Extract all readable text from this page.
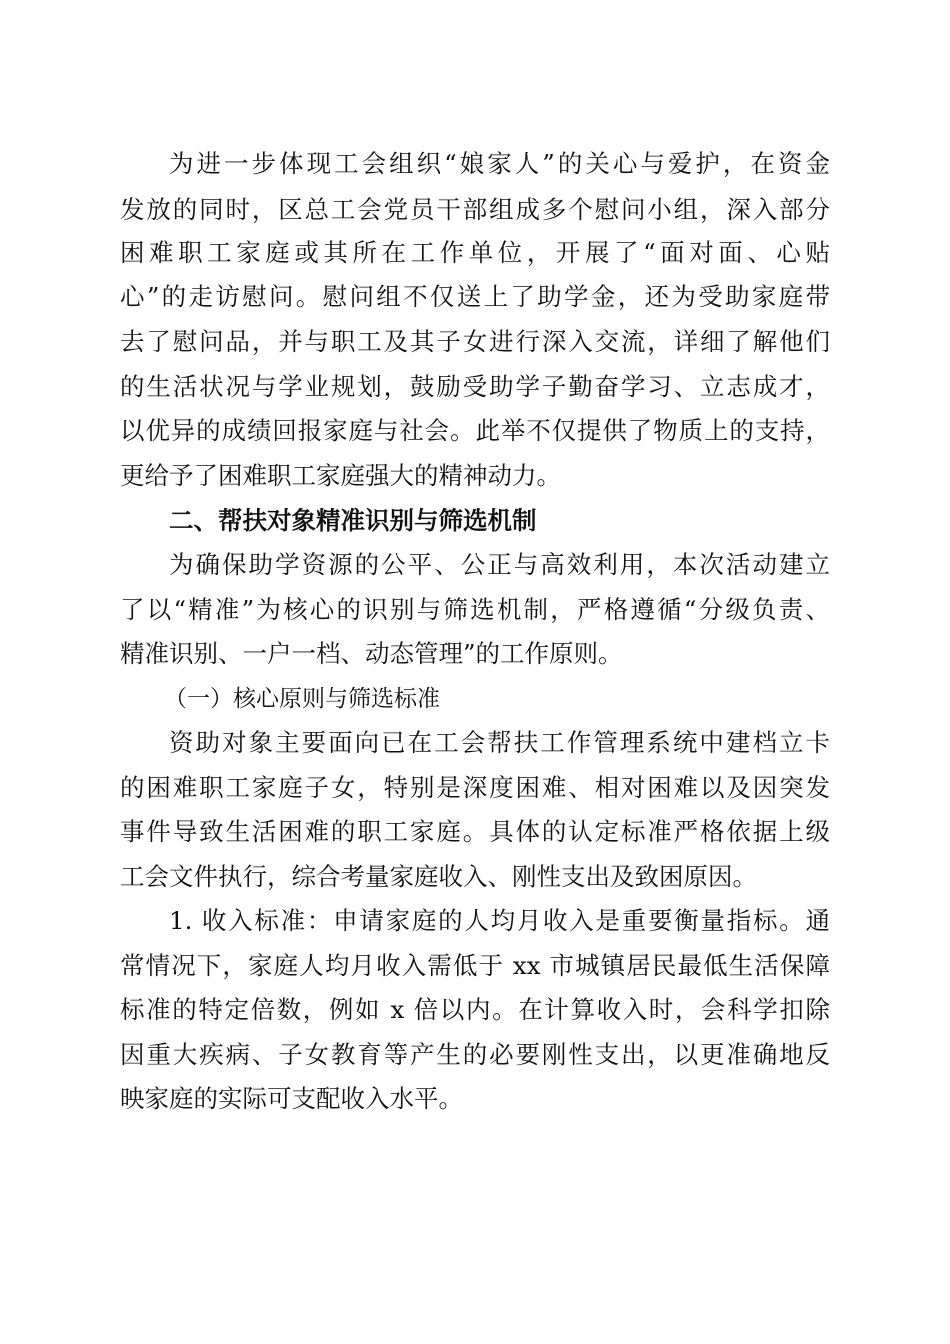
为进一步体现工会组织“娘家人”的关心与爱护，在资金
发放的同时，区总工会党员干部组成多个慰问小组，深入部分
困难职工家庭或其所在工作单位，开展了“面对面、心贴
心”的走访慰问。慰问组不仅送上了助学金，还为受助家庭带
去了慰问品，并与职工及其子女进行深入交流，详细了解他们
的生活状况与学业规划，鼓励受助学子勤奋学习、立志成才，
以优异的成绩回报家庭与社会。此举不仅提供了物质上的支持，
更给予了困难职工家庭强大的精神动力。
二、帮扶对象精准识别与筛选机制
为确保助学资源的公平、公正与高效利用，本次活动建立
了以“精准”为核心的识别与筛选机制，严格遵循“分级负责、
精准识别、一户一档、动态管理”的工作原则。
（一）核心原则与筛选标准
资助对象主要面向已在工会帮扶工作管理系统中建档立卡
的困难职工家庭子女，特别是深度困难、相对困难以及因突发
事件导致生活困难的职工家庭。具体的认定标准严格依据上级
工会文件执行，综合考量家庭收入、刚性支出及致困原因。
1. 收入标准：申请家庭的人均月收入是重要衡量指标。通
常情况下，家庭人均月收入需低于 xx 市城镇居民最低生活保障
标准的特定倍数，例如 x 倍以内。在计算收入时，会科学扣除
因重大疾病、子女教育等产生的必要刚性支出，以更准确地反
映家庭的实际可支配收入水平。
